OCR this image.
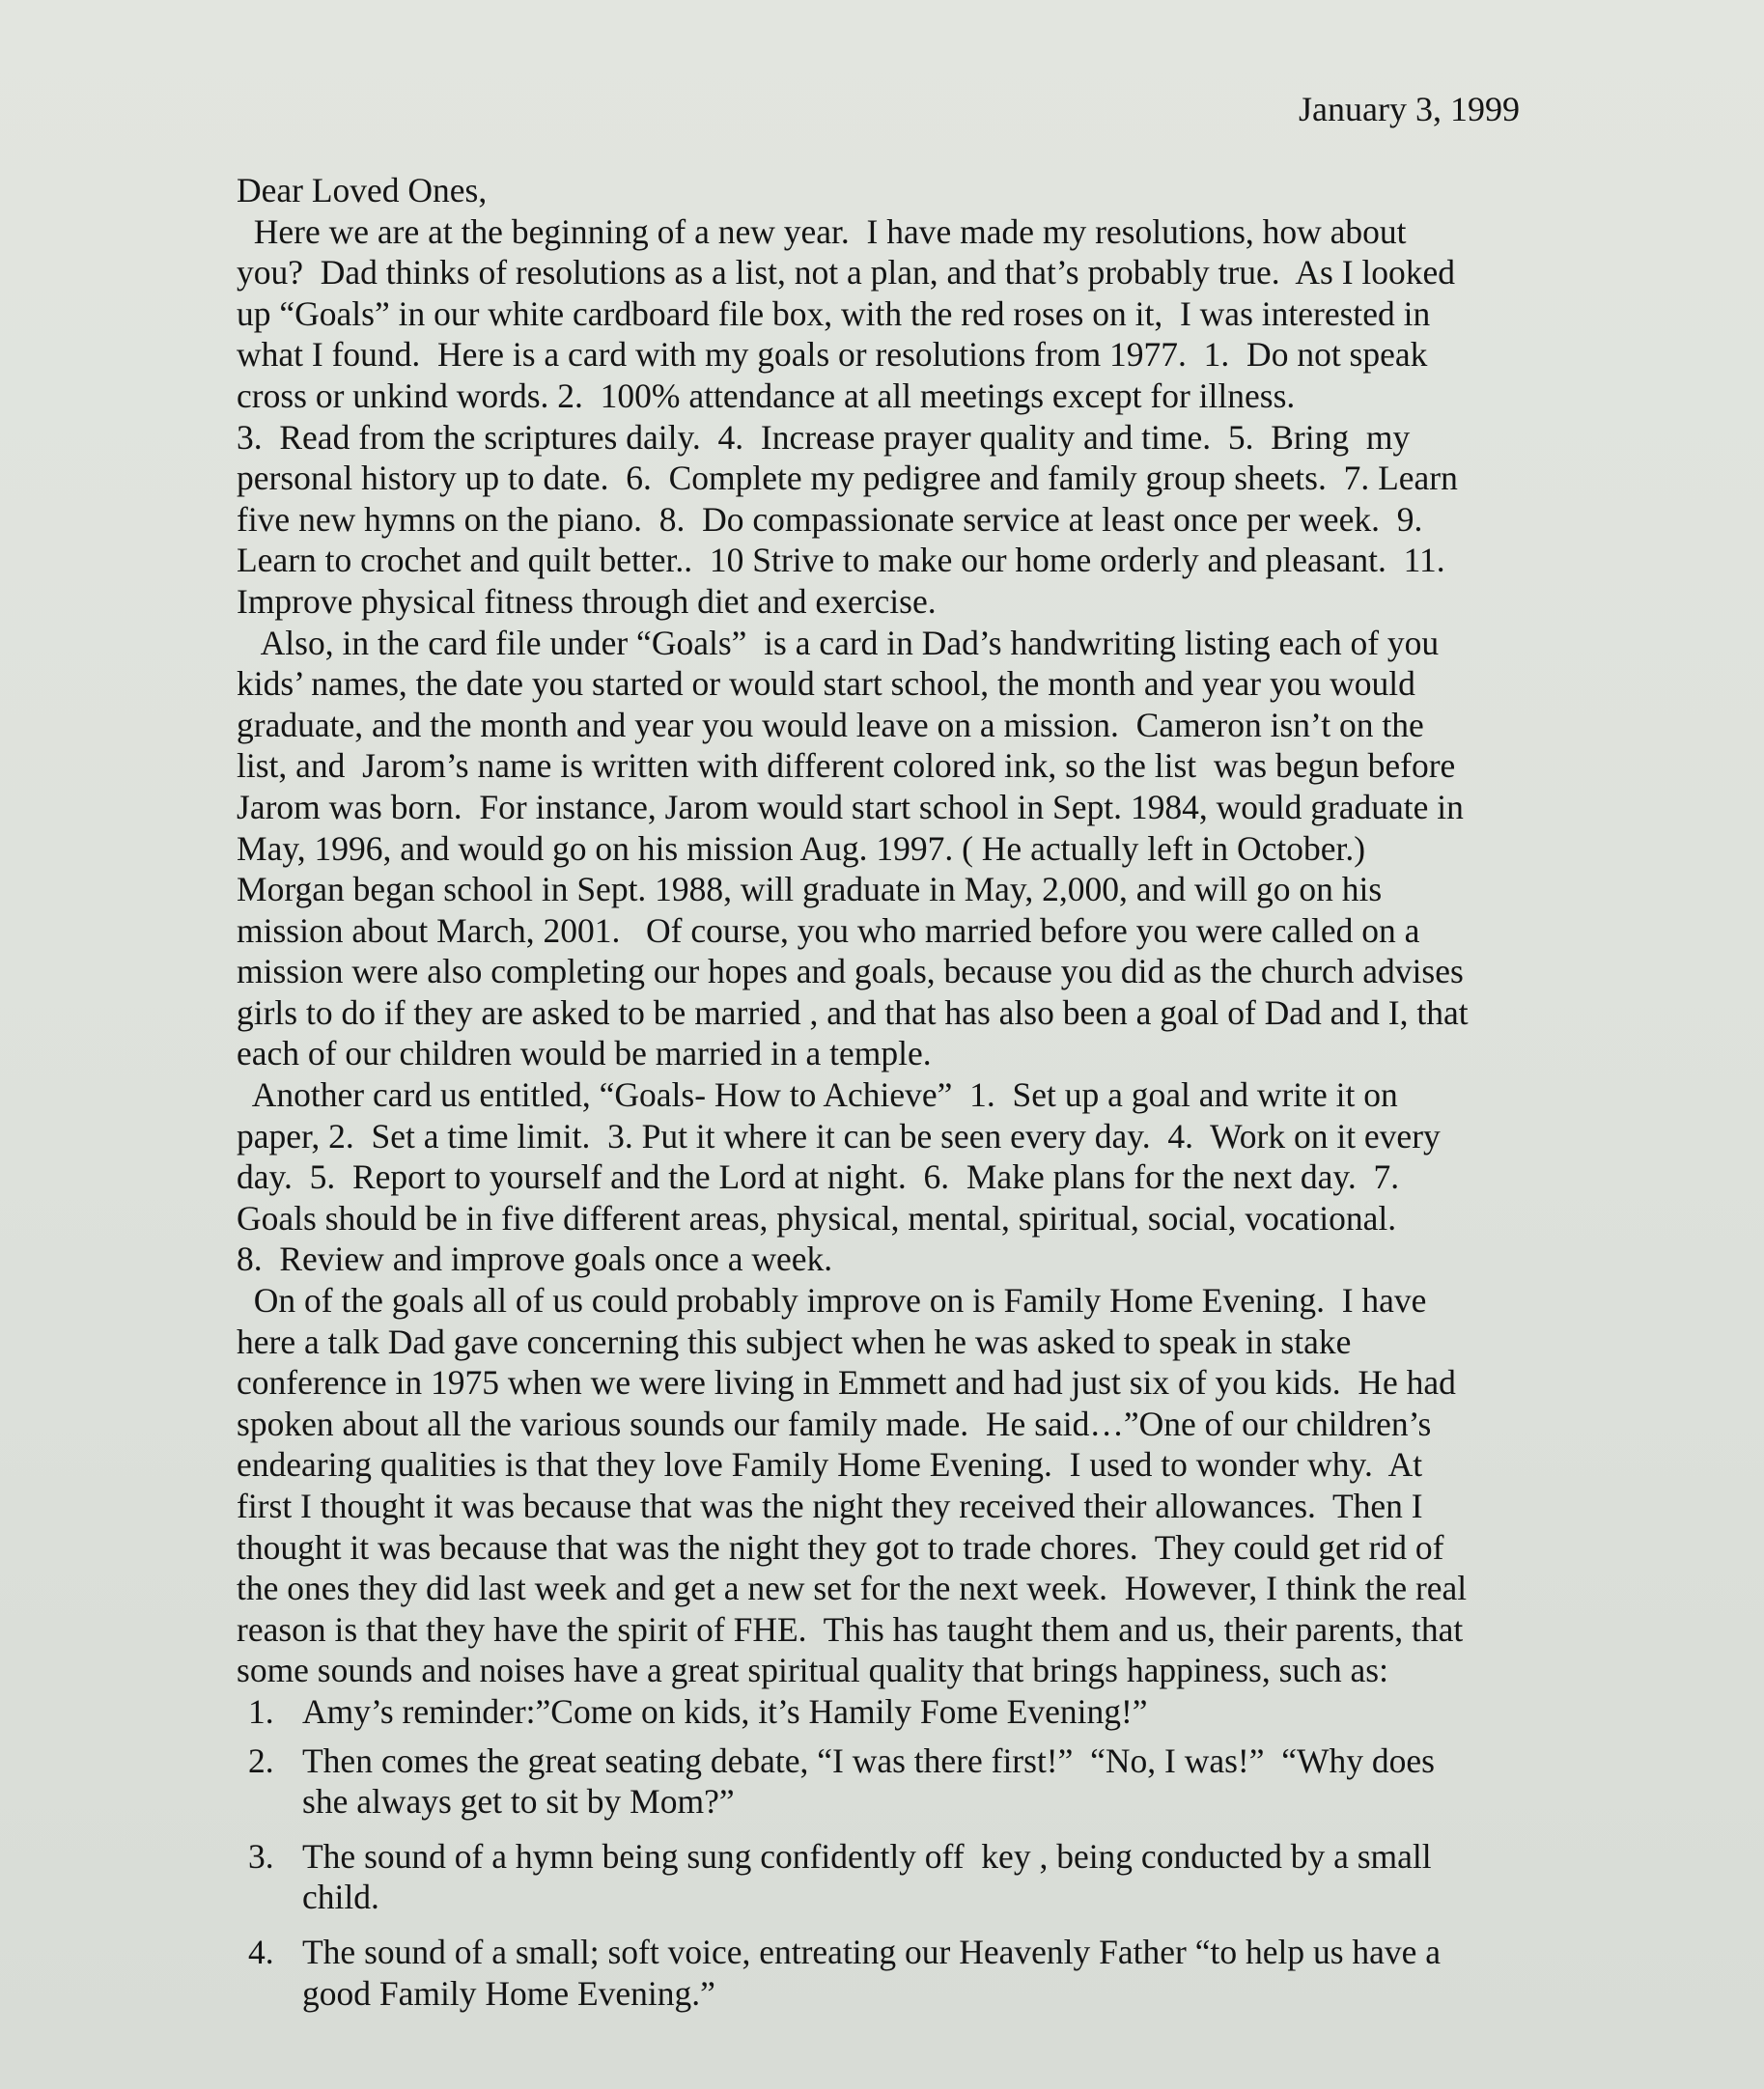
January 3, 1999

Dear Loved Ones,
Here we are at the beginning of a new year.  I have made my resolutions, how about
you?  Dad thinks of resolutions as a list, not a plan, and that’s probably true.  As I looked
up “Goals” in our white cardboard file box, with the red roses on it,  I was interested in
what I found.  Here is a card with my goals or resolutions from 1977.  1.  Do not speak
cross or unkind words. 2.  100% attendance at all meetings except for illness.
3.  Read from the scriptures daily.  4.  Increase prayer quality and time.  5.  Bring  my
personal history up to date.  6.  Complete my pedigree and family group sheets.  7. Learn
five new hymns on the piano.  8.  Do compassionate service at least once per week.  9.
Learn to crochet and quilt better..  10 Strive to make our home orderly and pleasant.  11.
Improve physical fitness through diet and exercise.
Also, in the card file under “Goals”  is a card in Dad’s handwriting listing each of you
kids’ names, the date you started or would start school, the month and year you would
graduate, and the month and year you would leave on a mission.  Cameron isn’t on the
list, and  Jarom’s name is written with different colored ink, so the list  was begun before
Jarom was born.  For instance, Jarom would start school in Sept. 1984, would graduate in
May, 1996, and would go on his mission Aug. 1997. ( He actually left in October.)
Morgan began school in Sept. 1988, will graduate in May, 2,000, and will go on his
mission about March, 2001.   Of course, you who married before you were called on a
mission were also completing our hopes and goals, because you did as the church advises
girls to do if they are asked to be married , and that has also been a goal of Dad and I, that
each of our children would be married in a temple.
Another card us entitled, “Goals- How to Achieve”  1.  Set up a goal and write it on
paper, 2.  Set a time limit.  3. Put it where it can be seen every day.  4.  Work on it every
day.  5.  Report to yourself and the Lord at night.  6.  Make plans for the next day.  7.
Goals should be in five different areas, physical, mental, spiritual, social, vocational.
8.  Review and improve goals once a week.
On of the goals all of us could probably improve on is Family Home Evening.  I have
here a talk Dad gave concerning this subject when he was asked to speak in stake
conference in 1975 when we were living in Emmett and had just six of you kids.  He had
spoken about all the various sounds our family made.  He said…”One of our children’s
endearing qualities is that they love Family Home Evening.  I used to wonder why.  At
first I thought it was because that was the night they received their allowances.  Then I
thought it was because that was the night they got to trade chores.  They could get rid of
the ones they did last week and get a new set for the next week.  However, I think the real
reason is that they have the spirit of FHE.  This has taught them and us, their parents, that
some sounds and noises have a great spiritual quality that brings happiness, such as:
1. Amy’s reminder:”Come on kids, it’s Hamily Fome Evening!”
2. Then comes the great seating debate, “I was there first!”  “No, I was!”  “Why does
she always get to sit by Mom?”
3. The sound of a hymn being sung confidently off  key , being conducted by a small
child.
4. The sound of a small; soft voice, entreating our Heavenly Father “to help us have a
good Family Home Evening.”
